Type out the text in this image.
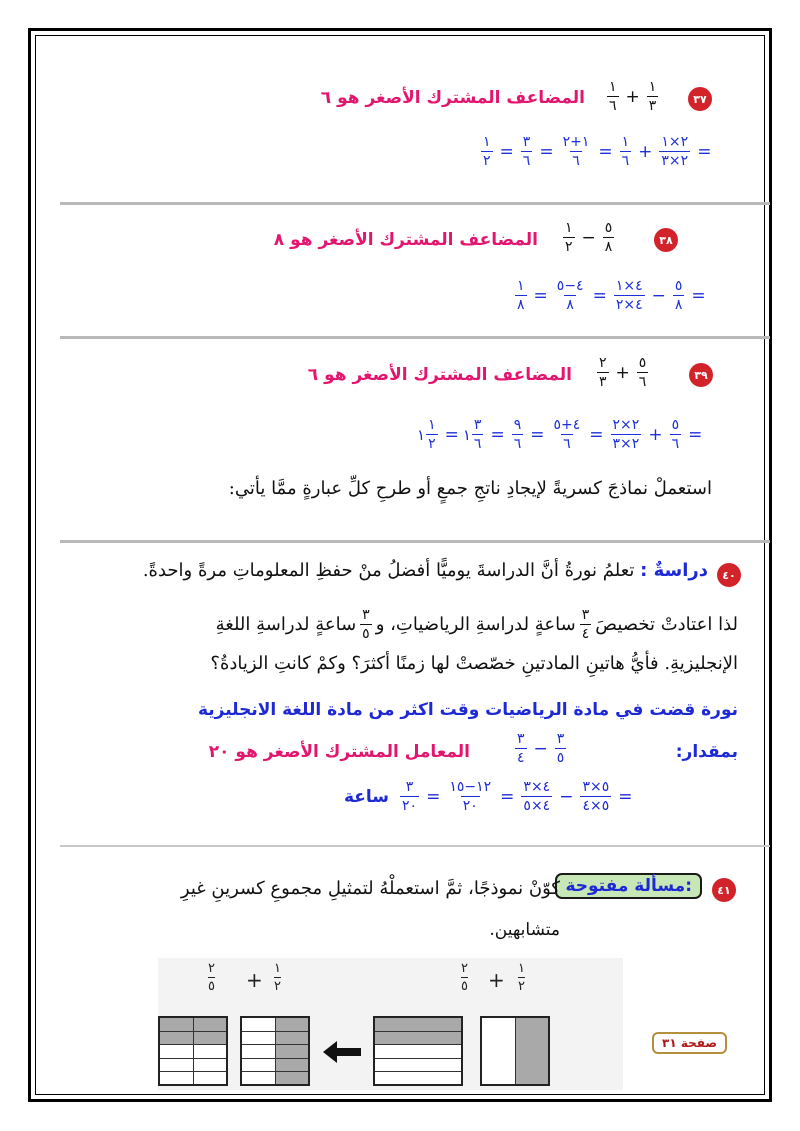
٣٧
$\frac{١}{٦} + \frac{١}{٣}$
المضاعف المشترك الأصغر هو ٦
$\frac{١}{٢} = \frac{٣}{٦} = \frac{١+٢}{٦} = \frac{١}{٦} + \frac{٢\times ١}{٢\times ٣}$ =
٣٨
$\frac{١}{٢} - \frac{٥}{٨}$
المضاعف المشترك الأصغر هو ٨
$\frac{١}{٨} = \frac{٤-٥}{٨} = \frac{٤\times ١}{٤\times ٢} - \frac{٥}{٨}$ =
٣٩
$\frac{٢}{٣} + \frac{٥}{٦}$
المضاعف المشترك الأصغر هو ٦
١ $\frac{١}{٢}$ = ١ $\frac{٣}{٦} = \frac{٩}{٦} = \frac{٤+٥}{٦} = \frac{٢\times ٢}{٢\times ٣} + \frac{٥}{٦}$ =
استعملْ نماذجَ كسريةً لإيجادِ ناتجِ جمعٍ أو طرحِ كلِّ عبارةٍ ممَّا يأتي:
٤٠
دراسةٌ : تعلمُ نورةُ أنَّ الدراسةَ يوميًّا أفضلُ منْ حفظِ المعلوماتِ مرةً واحدةً.
لذا اعتادتْ تخصيصَ
$\frac{٣}{٤}$
ساعةٍ لدراسةِ الرياضياتِ، و
$\frac{٣}{٥}$
ساعةٍ لدراسةِ اللغةِ
الإنجليزيةِ. فأيُّ هاتينِ المادتينِ خصّصتْ لها زمنًا أكثرَ؟ وكمْ كانتِ الزيادةُ؟
نورة قضت في مادة الرياضيات وقت اكثر من مادة اللغة الانجليزية
بمقدار:
$\frac{٣}{٤} - \frac{٣}{٥}$
المعامل المشترك الأصغر هو ٢٠
ساعة $\frac{٣}{٢٠} = \frac{١٢-١٥}{٢٠} = \frac{٤\times ٣}{٤\times ٥} - \frac{٥\times ٣}{٥\times ٤}$ =
٤١
مسألة مفتوحة:
كوّنْ نموذجًا، ثمَّ استعملْهُ لتمثيلِ مجموعِ كسرينِ غيرِ
متشابهين.
٢
٥ + ١
٢
٢
٥ + ١
٢
صفحة ٣١
